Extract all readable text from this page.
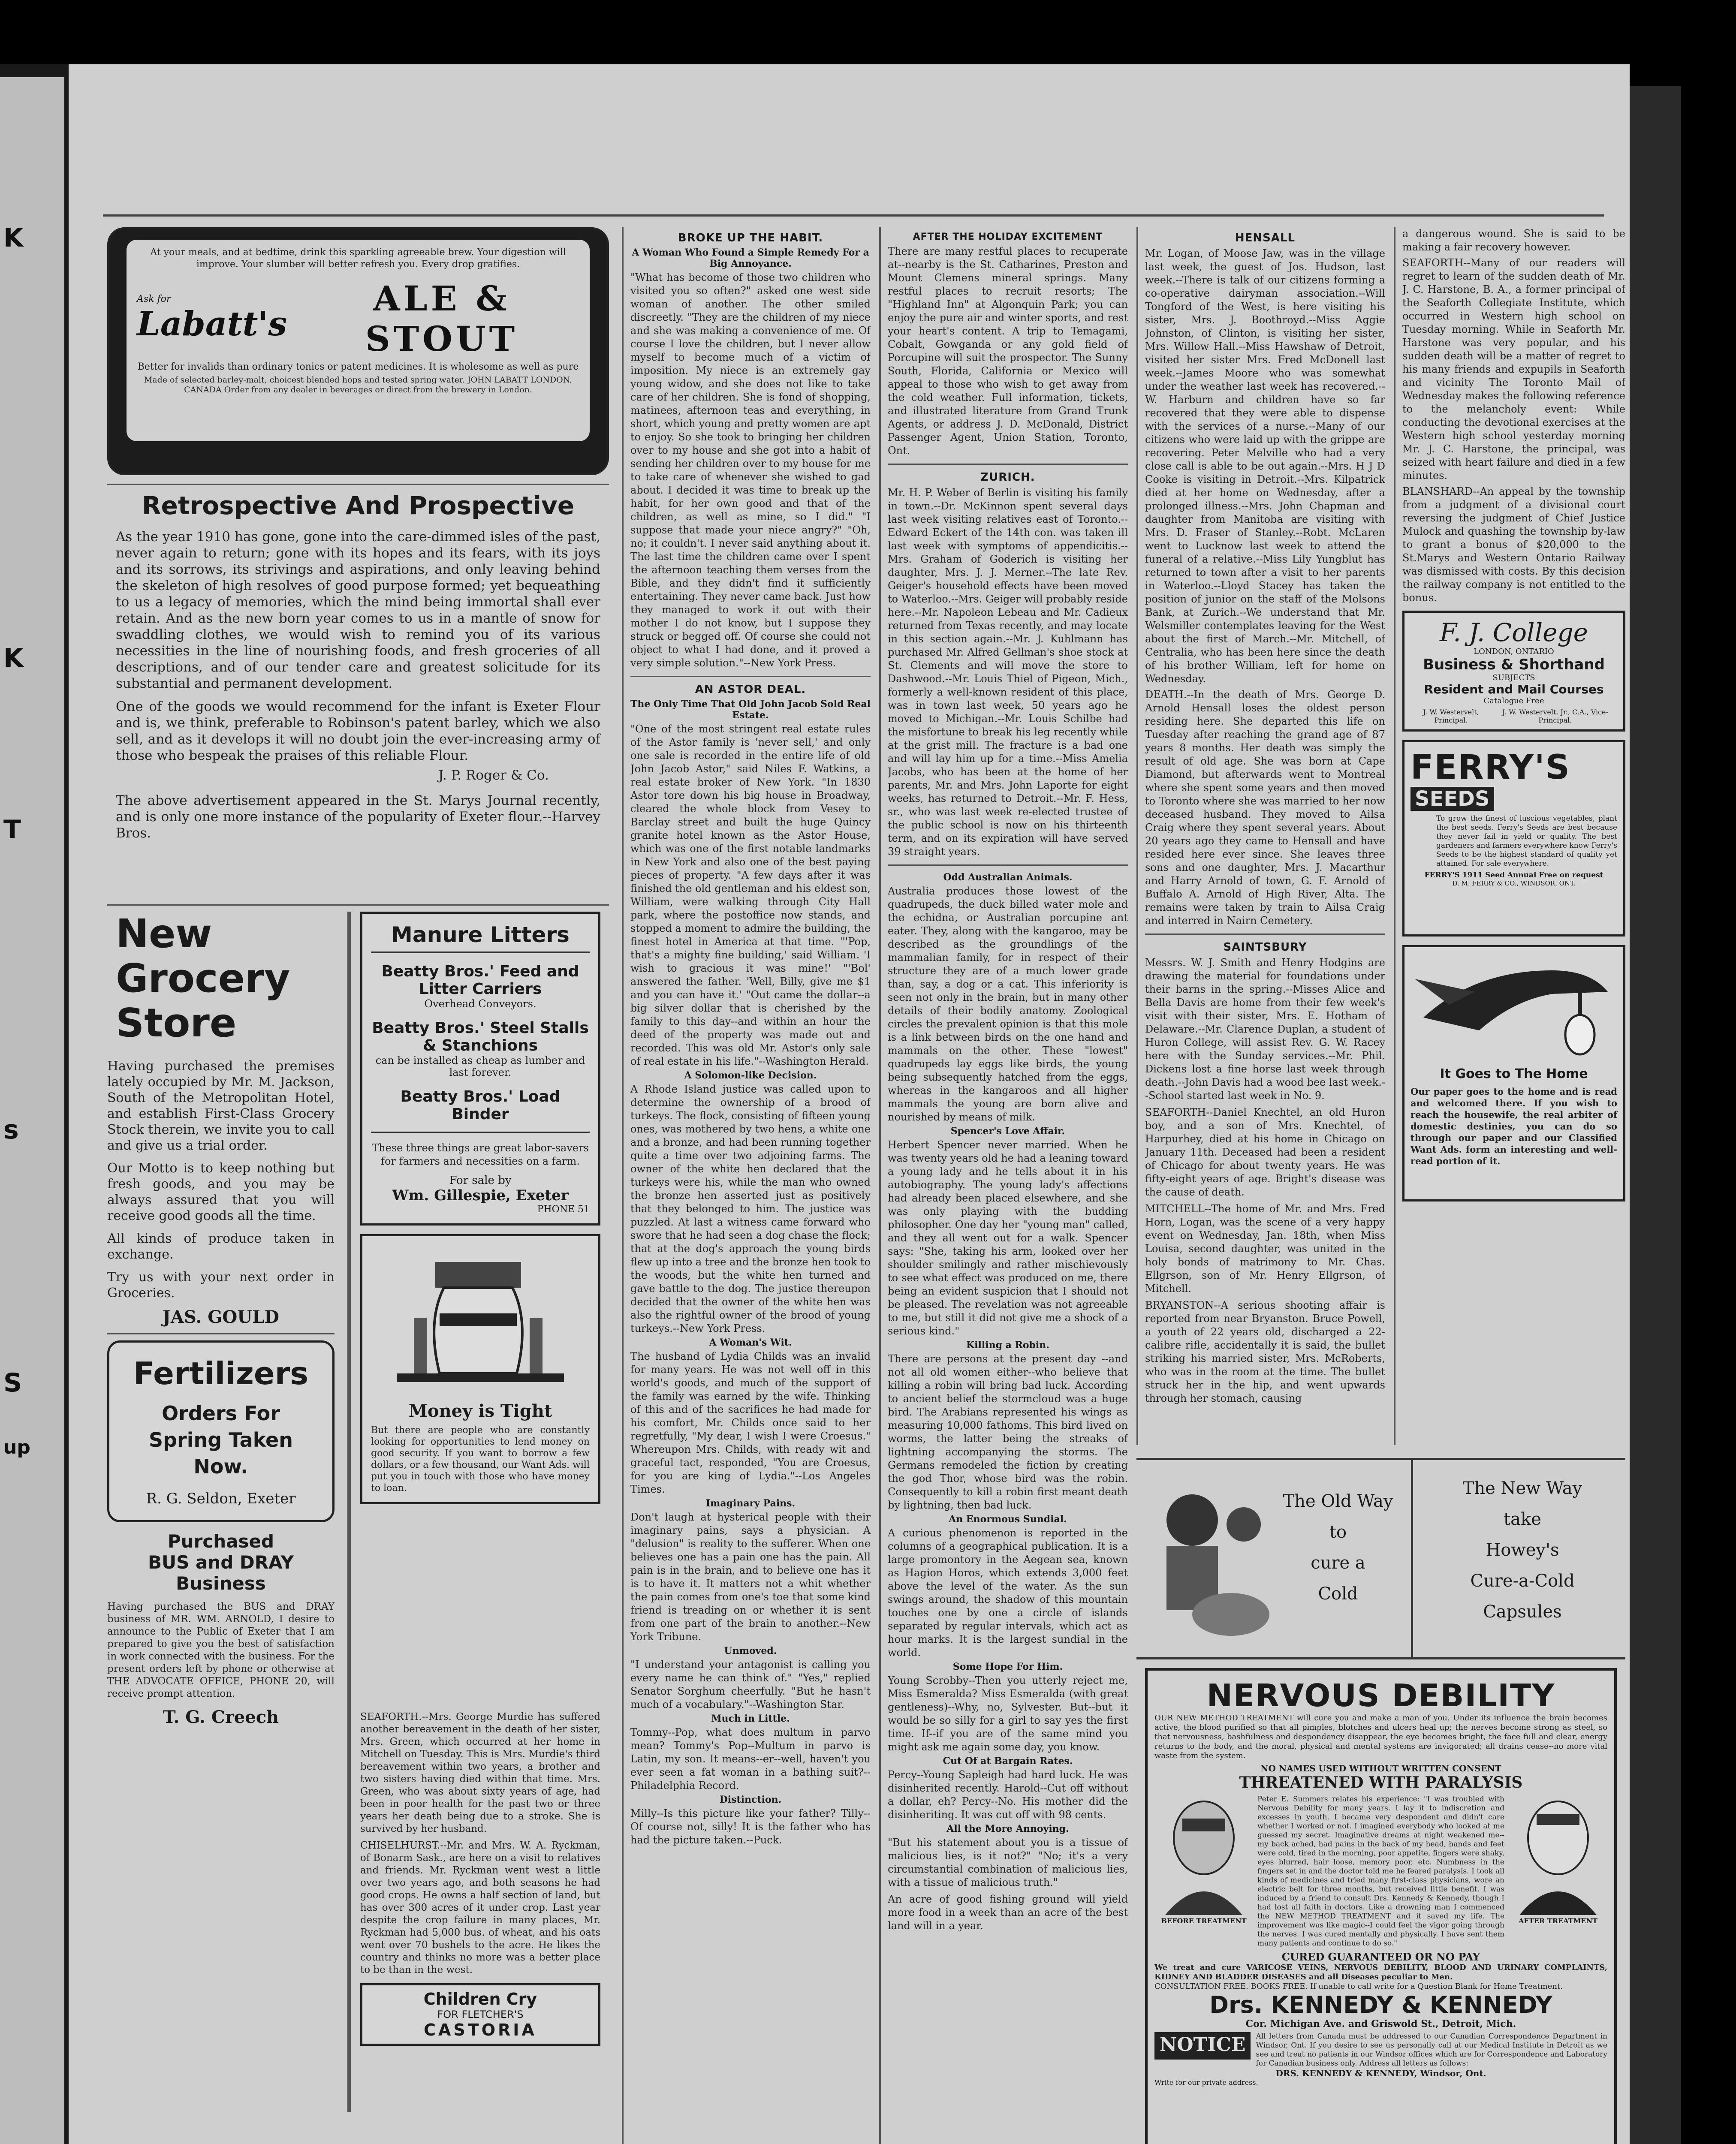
K
K
T
s
S
up
At your meals, and at bedtime, drink this sparkling agreeable brew. Your digestion will improve. Your slumber will better refresh you. Every drop gratifies.
Ask for
Labatt's
ALE &
STOUT
Better for invalids than ordinary tonics or patent medicines. It is wholesome as well as pure
Made of selected barley-malt, choicest blended hops and tested spring water. JOHN LABATT LONDON, CANADA Order from any dealer in beverages or direct from the brewery in London.
Retrospective And Prospective
As the year 1910 has gone, gone into the care-dimmed isles of the past, never again to return; gone with its hopes and its fears, with its joys and its sorrows, its strivings and aspirations, and only leaving behind the skeleton of high resolves of good purpose formed; yet bequeathing to us a legacy of memories, which the mind being immortal shall ever retain. And as the new born year comes to us in a mantle of snow for swaddling clothes, we would wish to remind you of its various necessities in the line of nourishing foods, and fresh groceries of all descriptions, and of our tender care and greatest solicitude for its substantial and permanent development.
One of the goods we would recommend for the infant is Exeter Flour and is, we think, preferable to Robinson's patent barley, which we also sell, and as it develops it will no doubt join the ever-increasing army of those who bespeak the praises of this reliable Flour.
J. P. Roger & Co.
The above advertisement appeared in the St. Marys Journal recently, and is only one more instance of the popularity of Exeter flour.--Harvey Bros.
New
Grocery
Store
Having purchased the premises lately occupied by Mr. M. Jackson, South of the Metropolitan Hotel, and establish First-Class Grocery Stock therein, we invite you to call and give us a trial order.
Our Motto is to keep nothing but fresh goods, and you may be always assured that you will receive good goods all the time.
All kinds of produce taken in exchange.
Try us with your next order in Groceries.
JAS. GOULD
Fertilizers
Orders For
Spring Taken
Now.
R. G. Seldon, Exeter
Purchased
BUS and DRAY
Business
Having purchased the BUS and DRAY business of MR. WM. ARNOLD, I desire to announce to the Public of Exeter that I am prepared to give you the best of satisfaction in work connected with the business. For the present orders left by phone or otherwise at THE ADVOCATE OFFICE, PHONE 20, will receive prompt attention.
T. G. Creech
Manure Litters
Beatty Bros.' Feed and Litter Carriers
Overhead Conveyors.
Beatty Bros.' Steel Stalls & Stanchions
can be installed as cheap as lumber and last forever.
Beatty Bros.' Load Binder
These three things are great labor-savers for farmers and necessities on a farm.
For sale by
Wm. Gillespie, Exeter
PHONE 51
Money is Tight
But there are people who are constantly looking for opportunities to lend money on good security. If you want to borrow a few dollars, or a few thousand, our Want Ads. will put you in touch with those who have money to loan.
BROKE UP THE HABIT.
A Woman Who Found a Simple Remedy For a Big Annoyance.
"What has become of those two children who visited you so often?" asked one west side woman of another. The other smiled discreetly. "They are the children of my niece and she was making a convenience of me. Of course I love the children, but I never allow myself to become much of a victim of imposition. My niece is an extremely gay young widow, and she does not like to take care of her children. She is fond of shopping, matinees, afternoon teas and everything, in short, which young and pretty women are apt to enjoy. So she took to bringing her children over to my house and she got into a habit of sending her children over to my house for me to take care of whenever she wished to gad about. I decided it was time to break up the habit, for her own good and that of the children, as well as mine, so I did." "I suppose that made your niece angry?" "Oh, no; it couldn't. I never said anything about it. The last time the children came over I spent the afternoon teaching them verses from the Bible, and they didn't find it sufficiently entertaining. They never came back. Just how they managed to work it out with their mother I do not know, but I suppose they struck or begged off. Of course she could not object to what I had done, and it proved a very simple solution."--New York Press.
AN ASTOR DEAL.
The Only Time That Old John Jacob Sold Real Estate.
"One of the most stringent real estate rules of the Astor family is 'never sell,' and only one sale is recorded in the entire life of old John Jacob Astor," said Niles F. Watkins, a real estate broker of New York. "In 1830 Astor tore down his big house in Broadway, cleared the whole block from Vesey to Barclay street and built the huge Quincy granite hotel known as the Astor House, which was one of the first notable landmarks in New York and also one of the best paying pieces of property. "A few days after it was finished the old gentleman and his eldest son, William, were walking through City Hall park, where the postoffice now stands, and stopped a moment to admire the building, the finest hotel in America at that time. "'Pop, that's a mighty fine building,' said William. 'I wish to gracious it was mine!' "'Bol' answered the father. 'Well, Billy, give me $1 and you can have it.' "Out came the dollar--a big silver dollar that is cherished by the family to this day--and within an hour the deed of the property was made out and recorded. This was old Mr. Astor's only sale of real estate in his life."--Washington Herald.
A Solomon-like Decision.
A Rhode Island justice was called upon to determine the ownership of a brood of turkeys. The flock, consisting of fifteen young ones, was mothered by two hens, a white one and a bronze, and had been running together quite a time over two adjoining farms. The owner of the white hen declared that the turkeys were his, while the man who owned the bronze hen asserted just as positively that they belonged to him. The justice was puzzled. At last a witness came forward who swore that he had seen a dog chase the flock; that at the dog's approach the young birds flew up into a tree and the bronze hen took to the woods, but the white hen turned and gave battle to the dog. The justice thereupon decided that the owner of the white hen was also the rightful owner of the brood of young turkeys.--New York Press.
A Woman's Wit.
The husband of Lydia Childs was an invalid for many years. He was not well off in this world's goods, and much of the support of the family was earned by the wife. Thinking of this and of the sacrifices he had made for his comfort, Mr. Childs once said to her regretfully, "My dear, I wish I were Croesus." Whereupon Mrs. Childs, with ready wit and graceful tact, responded, "You are Croesus, for you are king of Lydia."--Los Angeles Times.
Imaginary Pains.
Don't laugh at hysterical people with their imaginary pains, says a physician. A "delusion" is reality to the sufferer. When one believes one has a pain one has the pain. All pain is in the brain, and to believe one has it is to have it. It matters not a whit whether the pain comes from one's toe that some kind friend is treading on or whether it is sent from one part of the brain to another.--New York Tribune.
Unmoved.
"I understand your antagonist is calling you every name he can think of." "Yes," replied Senator Sorghum cheerfully. "But he hasn't much of a vocabulary."--Washington Star.
Much in Little.
Tommy--Pop, what does multum in parvo mean? Tommy's Pop--Multum in parvo is Latin, my son. It means--er--well, haven't you ever seen a fat woman in a bathing suit?--Philadelphia Record.
Distinction.
Milly--Is this picture like your father? Tilly--Of course not, silly! It is the father who has had the picture taken.--Puck.
SEAFORTH.--Mrs. George Murdie has suffered another bereavement in the death of her sister, Mrs. Green, which occurred at her home in Mitchell on Tuesday. This is Mrs. Murdie's third bereavement within two years, a brother and two sisters having died within that time. Mrs. Green, who was about sixty years of age, had been in poor health for the past two or three years her death being due to a stroke. She is survived by her husband.
CHISELHURST.--Mr. and Mrs. W. A. Ryckman, of Bonarm Sask., are here on a visit to relatives and friends. Mr. Ryckman went west a little over two years ago, and both seasons he had good crops. He owns a half section of land, but has over 300 acres of it under crop. Last year despite the crop failure in many places, Mr. Ryckman had 5,000 bus. of wheat, and his oats went over 70 bushels to the acre. He likes the country and thinks no more was a better place to be than in the west.
Children Cry
FOR FLETCHER'S
CASTORIA
AFTER THE HOLIDAY EXCITEMENT
There are many restful places to recuperate at--nearby is the St. Catharines, Preston and Mount Clemens mineral springs. Many restful places to recruit resorts; The "Highland Inn" at Algonquin Park; you can enjoy the pure air and winter sports, and rest your heart's content. A trip to Temagami, Cobalt, Gowganda or any gold field of Porcupine will suit the prospector. The Sunny South, Florida, California or Mexico will appeal to those who wish to get away from the cold weather. Full information, tickets, and illustrated literature from Grand Trunk Agents, or address J. D. McDonald, District Passenger Agent, Union Station, Toronto, Ont.
ZURICH.
Mr. H. P. Weber of Berlin is visiting his family in town.--Dr. McKinnon spent several days last week visiting relatives east of Toronto.--Edward Eckert of the 14th con. was taken ill last week with symptoms of appendicitis.--Mrs. Graham of Goderich is visiting her daughter, Mrs. J. J. Merner.--The late Rev. Geiger's household effects have been moved to Waterloo.--Mrs. Geiger will probably reside here.--Mr. Napoleon Lebeau and Mr. Cadieux returned from Texas recently, and may locate in this section again.--Mr. J. Kuhlmann has purchased Mr. Alfred Gellman's shoe stock at St. Clements and will move the store to Dashwood.--Mr. Louis Thiel of Pigeon, Mich., formerly a well-known resident of this place, was in town last week, 50 years ago he moved to Michigan.--Mr. Louis Schilbe had the misfortune to break his leg recently while at the grist mill. The fracture is a bad one and will lay him up for a time.--Miss Amelia Jacobs, who has been at the home of her parents, Mr. and Mrs. John Laporte for eight weeks, has returned to Detroit.--Mr. F. Hess, sr., who was last week re-elected trustee of the public school is now on his thirteenth term, and on its expiration will have served 39 straight years.
Odd Australian Animals.
Australia produces those lowest of the quadrupeds, the duck billed water mole and the echidna, or Australian porcupine ant eater. They, along with the kangaroo, may be described as the groundlings of the mammalian family, for in respect of their structure they are of a much lower grade than, say, a dog or a cat. This inferiority is seen not only in the brain, but in many other details of their bodily anatomy. Zoological circles the prevalent opinion is that this mole is a link between birds on the one hand and mammals on the other. These "lowest" quadrupeds lay eggs like birds, the young being subsequently hatched from the eggs, whereas in the kangaroos and all higher mammals the young are born alive and nourished by means of milk.
Spencer's Love Affair.
Herbert Spencer never married. When he was twenty years old he had a leaning toward a young lady and he tells about it in his autobiography. The young lady's affections had already been placed elsewhere, and she was only playing with the budding philosopher. One day her "young man" called, and they all went out for a walk. Spencer says: "She, taking his arm, looked over her shoulder smilingly and rather mischievously to see what effect was produced on me, there being an evident suspicion that I should not be pleased. The revelation was not agreeable to me, but still it did not give me a shock of a serious kind."
Killing a Robin.
There are persons at the present day --and not all old women either--who believe that killing a robin will bring bad luck. According to ancient belief the stormcloud was a huge bird. The Arabians represented his wings as measuring 10,000 fathoms. This bird lived on worms, the latter being the streaks of lightning accompanying the storms. The Germans remodeled the fiction by creating the god Thor, whose bird was the robin. Consequently to kill a robin first meant death by lightning, then bad luck.
An Enormous Sundial.
A curious phenomenon is reported in the columns of a geographical publication. It is a large promontory in the Aegean sea, known as Hagion Horos, which extends 3,000 feet above the level of the water. As the sun swings around, the shadow of this mountain touches one by one a circle of islands separated by regular intervals, which act as hour marks. It is the largest sundial in the world.
Some Hope For Him.
Young Scrobby--Then you utterly reject me, Miss Esmeralda? Miss Esmeralda (with great gentleness)--Why, no, Sylvester. But--but it would be so silly for a girl to say yes the first time. If--if you are of the same mind you might ask me again some day, you know.
Cut Of at Bargain Rates.
Percy--Young Sapleigh had hard luck. He was disinherited recently. Harold--Cut off without a dollar, eh? Percy--No. His mother did the disinheriting. It was cut off with 98 cents.
All the More Annoying.
"But his statement about you is a tissue of malicious lies, is it not?" "No; it's a very circumstantial combination of malicious lies, with a tissue of malicious truth."
An acre of good fishing ground will yield more food in a week than an acre of the best land will in a year.
HENSALL
Mr. Logan, of Moose Jaw, was in the village last week, the guest of Jos. Hudson, last week.--There is talk of our citizens forming a co-operative dairyman association.--Will Tongford of the West, is here visiting his sister, Mrs. J. Boothroyd.--Miss Aggie Johnston, of Clinton, is visiting her sister, Mrs. Willow Hall.--Miss Hawshaw of Detroit, visited her sister Mrs. Fred McDonell last week.--James Moore who was somewhat under the weather last week has recovered.--W. Harburn and children have so far recovered that they were able to dispense with the services of a nurse.--Many of our citizens who were laid up with the grippe are recovering. Peter Melville who had a very close call is able to be out again.--Mrs. H J D Cooke is visiting in Detroit.--Mrs. Kilpatrick died at her home on Wednesday, after a prolonged illness.--Mrs. John Chapman and daughter from Manitoba are visiting with Mrs. D. Fraser of Stanley.--Robt. McLaren went to Lucknow last week to attend the funeral of a relative.--Miss Lily Yungblut has returned to town after a visit to her parents in Waterloo.--Lloyd Stacey has taken the position of junior on the staff of the Molsons Bank, at Zurich.--We understand that Mr. Welsmiller contemplates leaving for the West about the first of March.--Mr. Mitchell, of Centralia, who has been here since the death of his brother William, left for home on Wednesday.
DEATH.--In the death of Mrs. George D. Arnold Hensall loses the oldest person residing here. She departed this life on Tuesday after reaching the grand age of 87 years 8 months. Her death was simply the result of old age. She was born at Cape Diamond, but afterwards went to Montreal where she spent some years and then moved to Toronto where she was married to her now deceased husband. They moved to Ailsa Craig where they spent several years. About 20 years ago they came to Hensall and have resided here ever since. She leaves three sons and one daughter, Mrs. J. Macarthur and Harry Arnold of town, G. F. Arnold of Buffalo A. Arnold of High River, Alta. The remains were taken by train to Ailsa Craig and interred in Nairn Cemetery.
SAINTSBURY
Messrs. W. J. Smith and Henry Hodgins are drawing the material for foundations under their barns in the spring.--Misses Alice and Bella Davis are home from their few week's visit with their sister, Mrs. E. Hotham of Delaware.--Mr. Clarence Duplan, a student of Huron College, will assist Rev. G. W. Racey here with the Sunday services.--Mr. Phil. Dickens lost a fine horse last week through death.--John Davis had a wood bee last week.--School started last week in No. 9.
SEAFORTH--Daniel Knechtel, an old Huron boy, and a son of Mrs. Knechtel, of Harpurhey, died at his home in Chicago on January 11th. Deceased had been a resident of Chicago for about twenty years. He was fifty-eight years of age. Bright's disease was the cause of death.
MITCHELL--The home of Mr. and Mrs. Fred Horn, Logan, was the scene of a very happy event on Wednesday, Jan. 18th, when Miss Louisa, second daughter, was united in the holy bonds of matrimony to Mr. Chas. Ellgrson, son of Mr. Henry Ellgrson, of Mitchell.
BRYANSTON--A serious shooting affair is reported from near Bryanston. Bruce Powell, a youth of 22 years old, discharged a 22-calibre rifle, accidentally it is said, the bullet striking his married sister, Mrs. McRoberts, who was in the room at the time. The bullet struck her in the hip, and went upwards through her stomach, causing
a dangerous wound. She is said to be making a fair recovery however.
SEAFORTH--Many of our readers will regret to learn of the sudden death of Mr. J. C. Harstone, B. A., a former principal of the Seaforth Collegiate Institute, which occurred in Western high school on Tuesday morning. While in Seaforth Mr. Harstone was very popular, and his sudden death will be a matter of regret to his many friends and expupils in Seaforth and vicinity The Toronto Mail of Wednesday makes the following reference to the melancholy event: While conducting the devotional exercises at the Western high school yesterday morning Mr. J. C. Harstone, the principal, was seized with heart failure and died in a few minutes.
BLANSHARD--An appeal by the township from a judgment of a divisional court reversing the judgment of Chief Justice Mulock and quashing the township by-law to grant a bonus of $20,000 to the St.Marys and Western Ontario Railway was dismissed with costs. By this decision the railway company is not entitled to the bonus.
F. J. College
LONDON, ONTARIO
Business & Shorthand
SUBJECTS
Resident and Mail Courses
Catalogue Free
J. W. Westervelt, Principal.
J. W. Westervelt, Jr., C.A., Vice-Principal.
FERRY'S
SEEDS
To grow the finest of luscious vegetables, plant the best seeds. Ferry's Seeds are best because they never fail in yield or quality. The best gardeners and farmers everywhere know Ferry's Seeds to be the highest standard of quality yet attained. For sale everywhere.
FERRY'S 1911 Seed Annual Free on request
D. M. FERRY & CO., WINDSOR, ONT.
It Goes to The Home
Our paper goes to the home and is read and welcomed there. If you wish to reach the housewife, the real arbiter of domestic destinies, you can do so through our paper and our Classified Want Ads. form an interesting and well-read portion of it.
The Old Way
to
cure a
Cold
The New Way
take
Howey's
Cure-a-Cold
Capsules
NERVOUS DEBILITY
OUR NEW METHOD TREATMENT will cure you and make a man of you. Under its influence the brain becomes active, the blood purified so that all pimples, blotches and ulcers heal up; the nerves become strong as steel, so that nervousness, bashfulness and despondency disappear, the eye becomes bright, the face full and clear, energy returns to the body, and the moral, physical and mental systems are invigorated; all drains cease--no more vital waste from the system.
NO NAMES USED WITHOUT WRITTEN CONSENT
THREATENED WITH PARALYSIS
BEFORE TREATMENT
Peter E. Summers relates his experience: "I was troubled with Nervous Debility for many years. I lay it to indiscretion and excesses in youth. I became very despondent and didn't care whether I worked or not. I imagined everybody who looked at me guessed my secret. Imaginative dreams at night weakened me--my back ached, had pains in the back of my head, hands and feet were cold, tired in the morning, poor appetite, fingers were shaky, eyes blurred, hair loose, memory poor, etc. Numbness in the fingers set in and the doctor told me he feared paralysis. I took all kinds of medicines and tried many first-class physicians, wore an electric belt for three months, but received little benefit. I was induced by a friend to consult Drs. Kennedy & Kennedy, though I had lost all faith in doctors. Like a drowning man I commenced the NEW METHOD TREATMENT and it saved my life. The improvement was like magic--I could feel the vigor going through the nerves. I was cured mentally and physically. I have sent them many patients and continue to do so."
AFTER TREATMENT
CURED GUARANTEED OR NO PAY
We treat and cure VARICOSE VEINS, NERVOUS DEBILITY, BLOOD AND URINARY COMPLAINTS, KIDNEY AND BLADDER DISEASES and all Diseases peculiar to Men.
CONSULTATION FREE. BOOKS FREE. If unable to call write for a Question Blank for Home Treatment.
Drs. KENNEDY & KENNEDY
Cor. Michigan Ave. and Griswold St., Detroit, Mich.
NOTICE	All letters from Canada must be addressed to our Canadian Correspondence Department in Windsor, Ont. If you desire to see us personally call at our Medical Institute in Detroit as we see and treat no patients in our Windsor offices which are for Correspondence and Laboratory for Canadian business only. Address all letters as follows:
DRS. KENNEDY & KENNEDY, Windsor, Ont.
Write for our private address.
